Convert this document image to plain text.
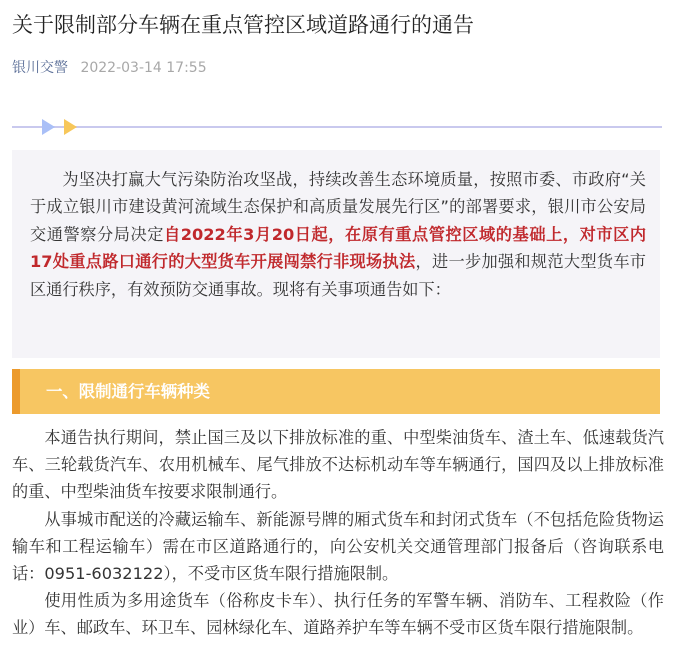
关于限制部分车辆在重点管控区域道路通行的通告
银川交警 2022-03-14 17:55

为坚决打赢大气污染防治攻坚战，持续改善生态环境质量，按照市委、市政府“关于成立银川市建设黄河流域生态保护和高质量发展先行区”的部署要求，银川市公安局交通警察分局决定自2022年3月20日起，在原有重点管控区域的基础上，对市区内17处重点路口通行的大型货车开展闯禁行非现场执法，进一步加强和规范大型货车市区通行秩序，有效预防交通事故。现将有关事项通告如下：

一、限制通行车辆种类

本通告执行期间，禁止国三及以下排放标准的重、中型柴油货车、渣土车、低速载货汽车、三轮载货汽车、农用机械车、尾气排放不达标机动车等车辆通行，国四及以上排放标准的重、中型柴油货车按要求限制通行。

从事城市配送的冷藏运输车、新能源号牌的厢式货车和封闭式货车（不包括危险货物运输车和工程运输车）需在市区道路通行的，向公安机关交通管理部门报备后（咨询联系电话：0951-6032122），不受市区货车限行措施限制。

使用性质为多用途货车（俗称皮卡车）、执行任务的军警车辆、消防车、工程救险（作业）车、邮政车、环卫车、园林绿化车、道路养护车等车辆不受市区货车限行措施限制。
